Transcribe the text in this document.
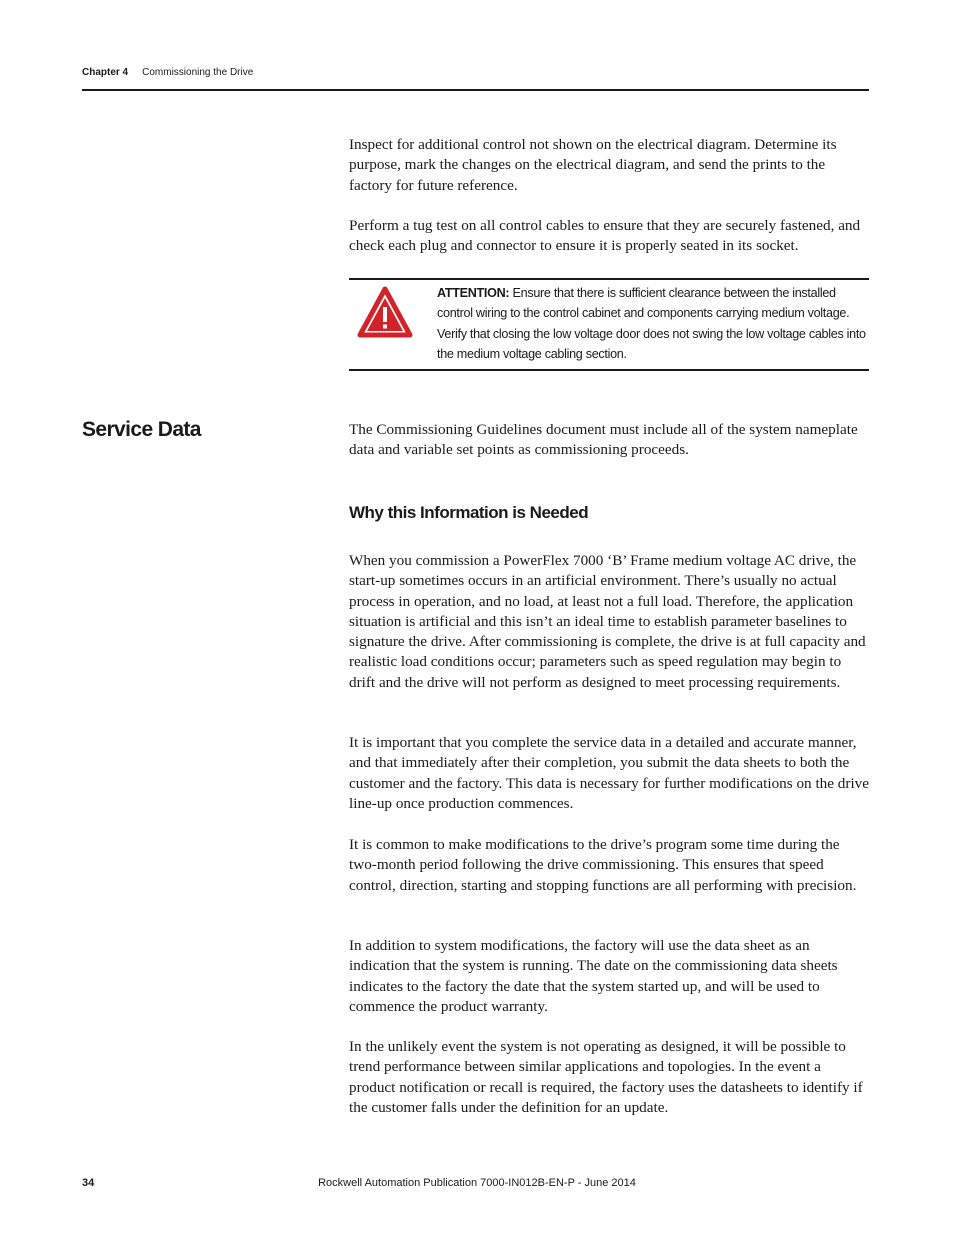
Chapter 4 Commissioning the Drive

Inspect for additional control not shown on the electrical diagram. Determine its purpose, mark the changes on the electrical diagram, and send the prints to the factory for future reference.

Perform a tug test on all control cables to ensure that they are securely fastened, and check each plug and connector to ensure it is properly seated in its socket.

ATTENTION: Ensure that there is sufficient clearance between the installed control wiring to the control cabinet and components carrying medium voltage. Verify that closing the low voltage door does not swing the low voltage cables into the medium voltage cabling section.
Service Data	The Commissioning Guidelines document must include all of the system nameplate data and variable set points as commissioning proceeds.

Why this Information is Needed

When you commission a PowerFlex 7000 ‘B’ Frame medium voltage AC drive, the start-up sometimes occurs in an artificial environment. There’s usually no actual process in operation, and no load, at least not a full load. Therefore, the application situation is artificial and this isn’t an ideal time to establish parameter baselines to signature the drive. After commissioning is complete, the drive is at full capacity and realistic load conditions occur; parameters such as speed regulation may begin to drift and the drive will not perform as designed to meet processing requirements.

It is important that you complete the service data in a detailed and accurate manner, and that immediately after their completion, you submit the data sheets to both the customer and the factory. This data is necessary for further modifications on the drive line-up once production commences.

It is common to make modifications to the drive’s program some time during the two-month period following the drive commissioning. This ensures that speed control, direction, starting and stopping functions are all performing with precision.

In addition to system modifications, the factory will use the data sheet as an indication that the system is running. The date on the commissioning data sheets indicates to the factory the date that the system started up, and will be used to commence the product warranty.

In the unlikely event the system is not operating as designed, it will be possible to trend performance between similar applications and topologies. In the event a product notification or recall is required, the factory uses the datasheets to identify if the customer falls under the definition for an update.

34	Rockwell Automation Publication 7000-IN012B-EN-P - June 2014
